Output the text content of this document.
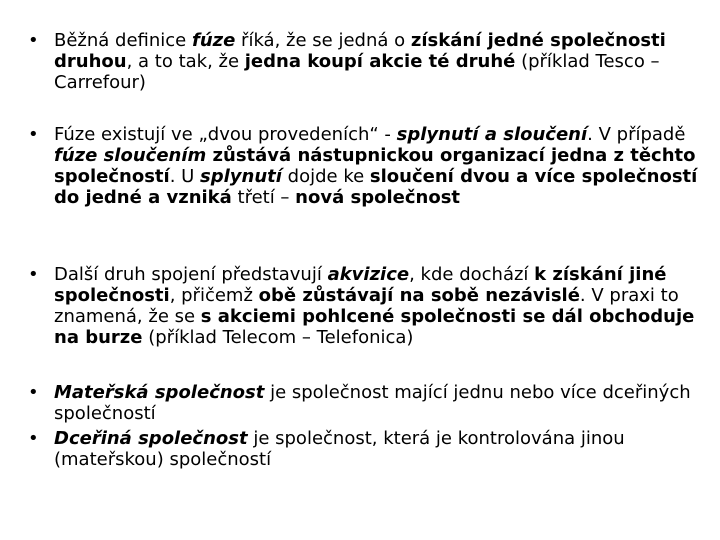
• Běžná definice fúze říká, že se jedná o získání jedné společnosti druhou, a to tak, že jedna koupí akcie té druhé (příklad Tesco – Carrefour)
• Fúze existují ve „dvou provedeních“ - splynutí a sloučení. V případě fúze sloučením zůstává nástupnickou organizací jedna z těchto společností. U splynutí dojde ke sloučení dvou a více společností do jedné a vzniká třetí – nová společnost
• Další druh spojení představují akvizice, kde dochází k získání jiné společnosti, přičemž obě zůstávají na sobě nezávislé. V praxi to znamená, že se s akciemi pohlcené společnosti se dál obchoduje na burze (příklad Telecom – Telefonica)
• Mateřská společnost je společnost mající jednu nebo více dceřiných společností
• Dceřiná společnost je společnost, která je kontrolována jinou (mateřskou) společností
